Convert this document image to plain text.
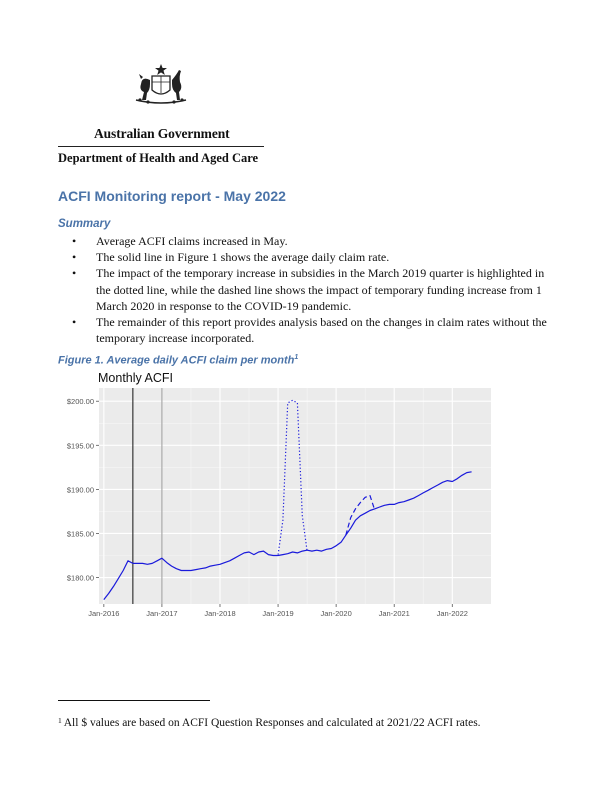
Australian Government
Department of Health and Aged Care
ACFI Monitoring report - May 2022
Summary
• Average ACFI claims increased in May.
• The solid line in Figure 1 shows the average daily claim rate.
• The impact of the temporary increase in subsidies in the March 2019 quarter is highlighted in the dotted line, while the dashed line shows the impact of temporary funding increase from 1 March 2020 in response to the COVID-19 pandemic.
• The remainder of this report provides analysis based on the changes in claim rates without the temporary increase incorporated.
Figure 1. Average daily ACFI claim per month$^1$
Monthly ACFI
$180.00
$185.00
$190.00
$195.00
$200.00
Jan-2016	Jan-2017	Jan-2018	Jan-2019	Jan-2020	Jan-2021	Jan-2022
$^1$ All $ values are based on ACFI Question Responses and calculated at 2021/22 ACFI rates.
